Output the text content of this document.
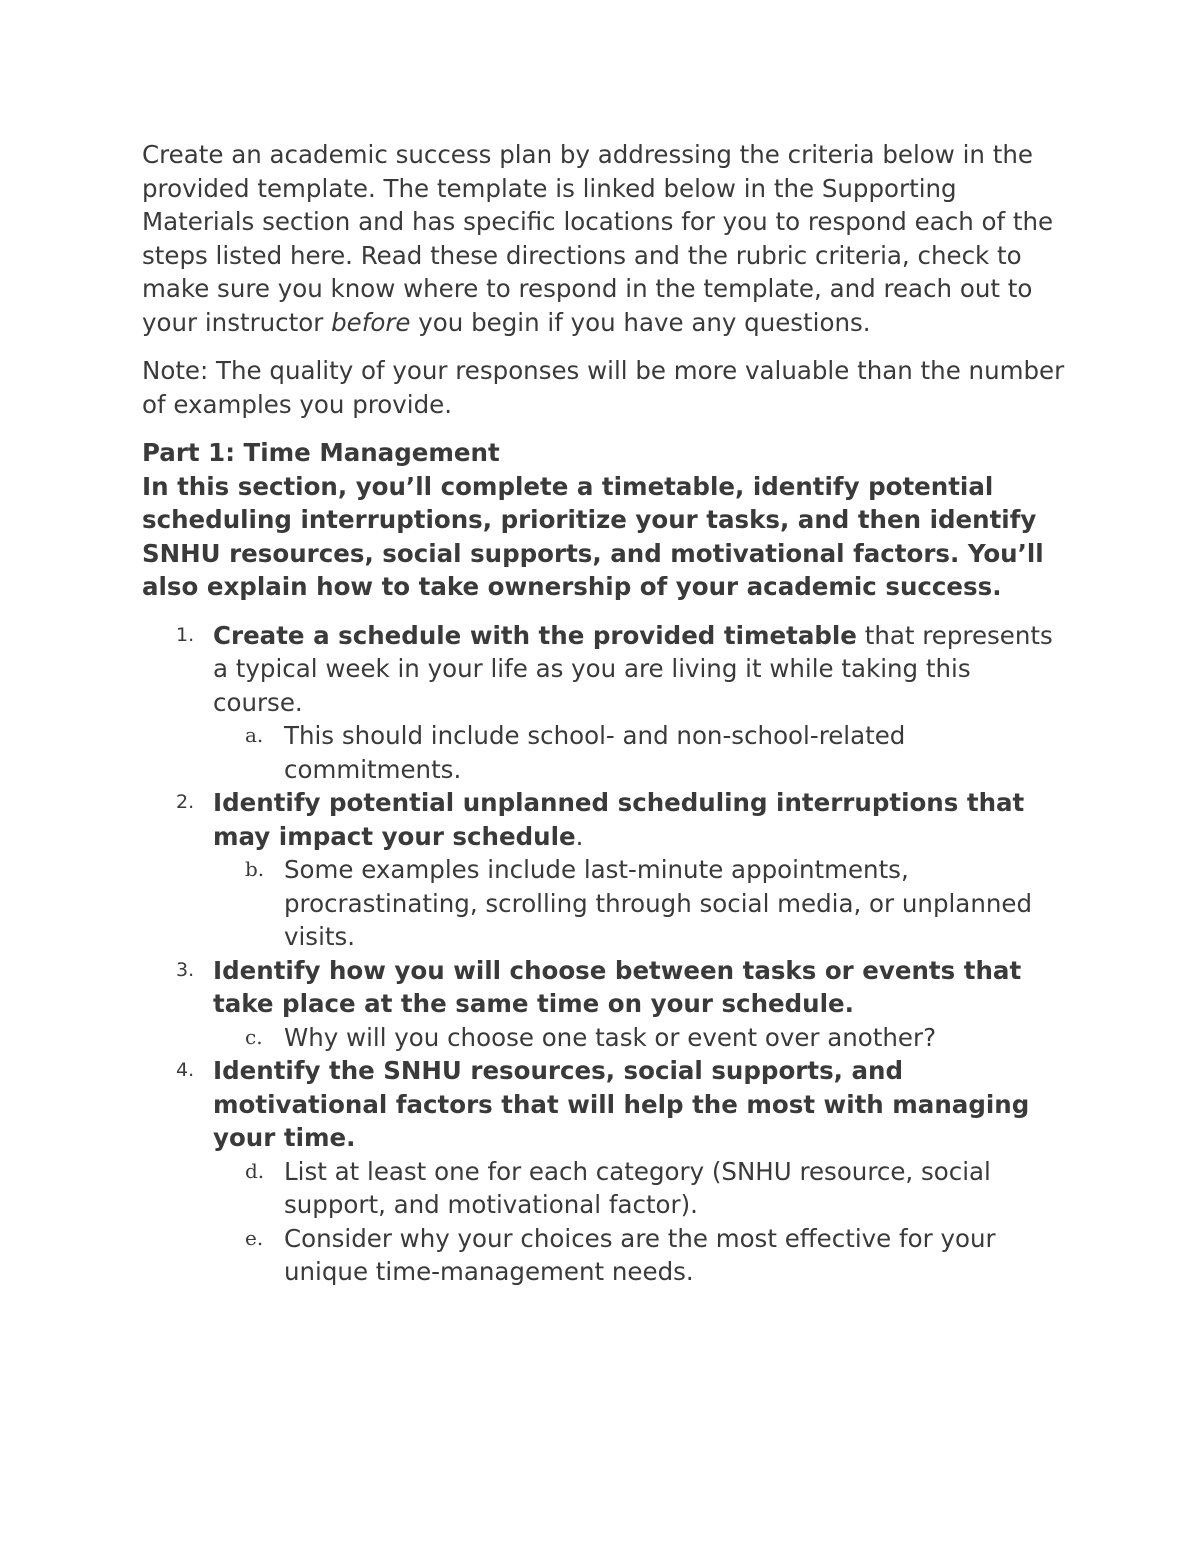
Create an academic success plan by addressing the criteria below in the provided template. The template is linked below in the Supporting Materials section and has specific locations for you to respond each of the steps listed here. Read these directions and the rubric criteria, check to make sure you know where to respond in the template, and reach out to your instructor before you begin if you have any questions.

Note: The quality of your responses will be more valuable than the number of examples you provide.

Part 1: Time Management

In this section, you’ll complete a timetable, identify potential scheduling interruptions, prioritize your tasks, and then identify SNHU resources, social supports, and motivational factors. You’ll also explain how to take ownership of your academic success.

1. Create a schedule with the provided timetable that represents a typical week in your life as you are living it while taking this course.
a. This should include school- and non-school-related commitments.
2. Identify potential unplanned scheduling interruptions that may impact your schedule.
b. Some examples include last-minute appointments, procrastinating, scrolling through social media, or unplanned visits.
3. Identify how you will choose between tasks or events that take place at the same time on your schedule.
c. Why will you choose one task or event over another?
4. Identify the SNHU resources, social supports, and motivational factors that will help the most with managing your time.
d. List at least one for each category (SNHU resource, social support, and motivational factor).
e. Consider why your choices are the most effective for your unique time-management needs.
